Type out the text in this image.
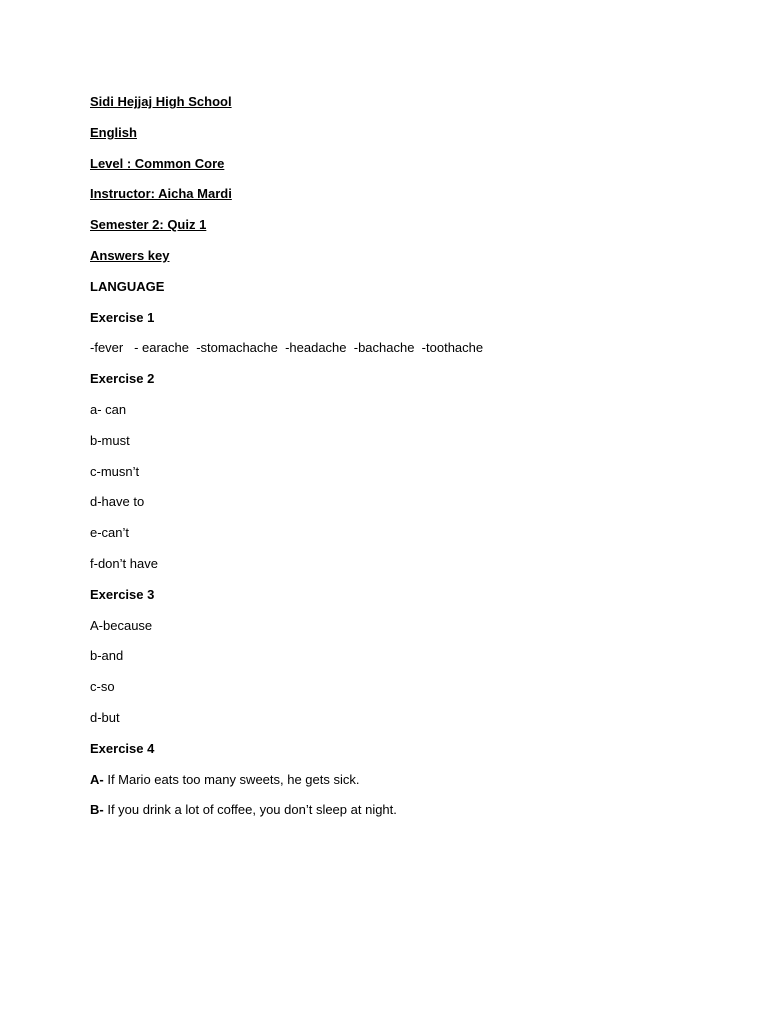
Sidi Hejjaj High School
English
Level : Common Core
Instructor: Aicha Mardi
Semester 2: Quiz 1
Answers key
LANGUAGE
Exercise 1
-fever   - earache  -stomachache  -headache  -bachache  -toothache
Exercise 2
a- can
b-must
c-musn’t
d-have to
e-can’t
f-don’t have
Exercise 3
A-because
b-and
c-so
d-but
Exercise 4
A- If Mario eats too many sweets, he gets sick.
B- If you drink a lot of coffee, you don’t sleep at night.
